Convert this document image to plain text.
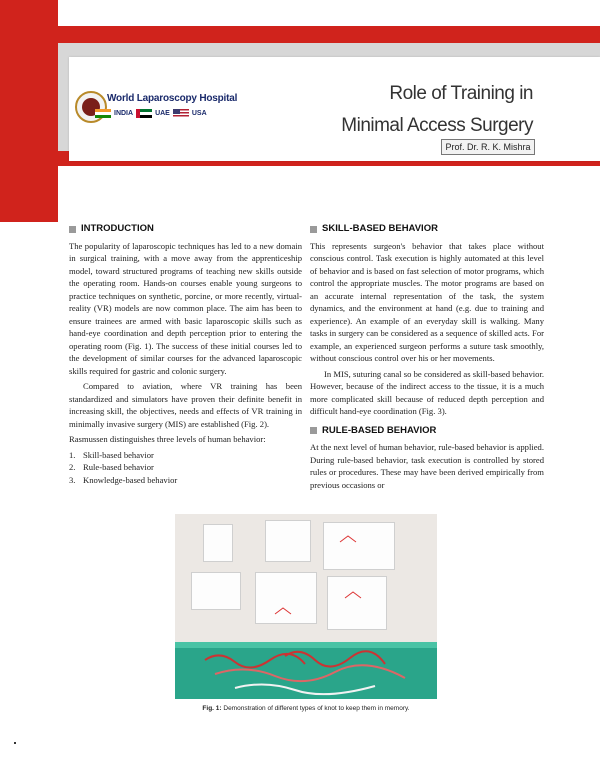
World Laparoscopy Hospital
INDIA	UAE	USA
Role of Training in
Minimal Access Surgery
Prof. Dr. R. K. Mishra
INTRODUCTION

The popularity of laparoscopic techniques has led to a new domain in surgical training, with a move away from the apprenticeship model, toward structured programs of teaching new skills outside the operating room. Hands-on courses enable young surgeons to practice techniques on synthetic, porcine, or more recently, virtual-reality (VR) models are now common place. The aim has been to ensure trainees are armed with basic laparoscopic skills such as hand-eye coordination and depth perception prior to entering the operating room (Fig. 1). The success of these initial courses led to the development of similar courses for the advanced laparoscopic skills required for gastric and colonic surgery.

Compared to aviation, where VR training has been standardized and simulators have proven their definite benefit in increasing skill, the objectives, needs and effects of VR training in minimally invasive surgery (MIS) are established (Fig. 2).

Rasmussen distinguishes three levels of human behavior:

1. Skill-based behavior
2. Rule-based behavior
3. Knowledge-based behavior
SKILL-BASED BEHAVIOR

This represents surgeon's behavior that takes place without conscious control. Task execution is highly automated at this level of behavior and is based on fast selection of motor programs, which control the appropriate muscles. The motor programs are based on an accurate internal representation of the task, the system dynamics, and the environment at hand (e.g. due to training and experience). An example of an everyday skill is walking. Many tasks in surgery can be considered as a sequence of skilled acts. For example, an experienced surgeon performs a suture task smoothly, without conscious control over his or her movements.

In MIS, suturing canal so be considered as skill-based behavior. However, because of the indirect access to the tissue, it is a much more complicated skill because of reduced depth perception and difficult hand-eye coordination (Fig. 3).

RULE-BASED BEHAVIOR

At the next level of human behavior, rule-based behavior is applied. During rule-based behavior, task execution is controlled by stored rules or procedures. These may have been derived empirically from previous occasions or

Fig. 1: Demonstration of different types of knot to keep them in memory.
